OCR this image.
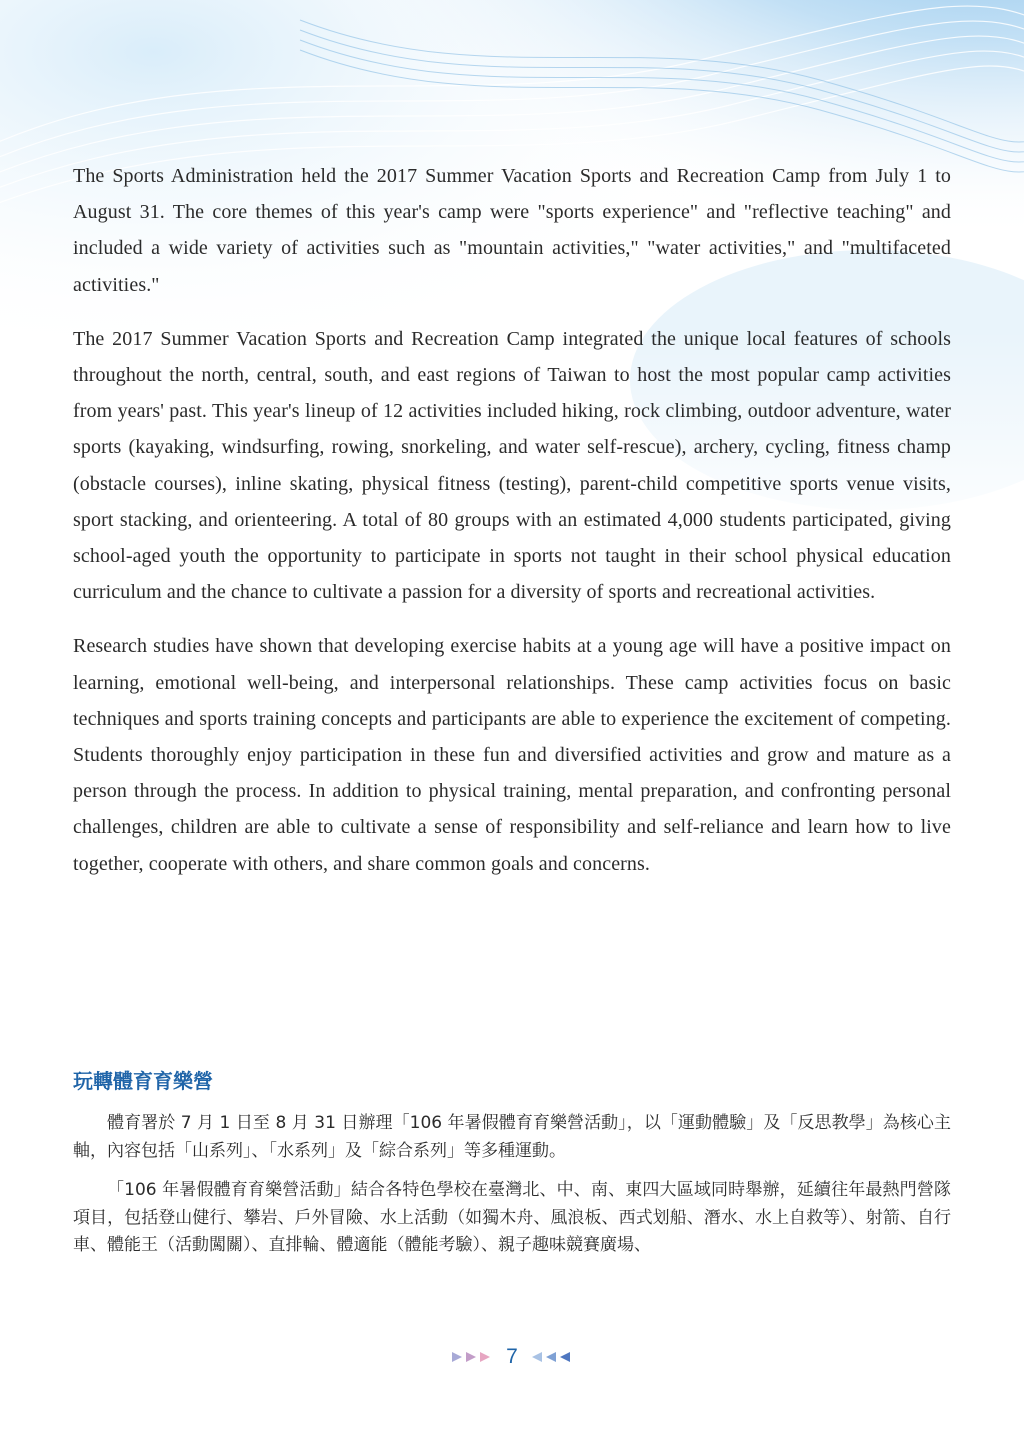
The Sports Administration held the 2017 Summer Vacation Sports and Recreation Camp from July 1 to August 31. The core themes of this year's camp were "sports experience" and "reflective teaching" and included a wide variety of activities such as "mountain activities," "water activities," and "multifaceted activities."

The 2017 Summer Vacation Sports and Recreation Camp integrated the unique local features of schools throughout the north, central, south, and east regions of Taiwan to host the most popular camp activities from years' past. This year's lineup of 12 activities included hiking, rock climbing, outdoor adventure, water sports (kayaking, windsurfing, rowing, snorkeling, and water self-rescue), archery, cycling, fitness champ (obstacle courses), inline skating, physical fitness (testing), parent-child competitive sports venue visits, sport stacking, and orienteering. A total of 80 groups with an estimated 4,000 students participated, giving school-aged youth the opportunity to participate in sports not taught in their school physical education curriculum and the chance to cultivate a passion for a diversity of sports and recreational activities.

Research studies have shown that developing exercise habits at a young age will have a positive impact on learning, emotional well-being, and interpersonal relationships. These camp activities focus on basic techniques and sports training concepts and participants are able to experience the excitement of competing. Students thoroughly enjoy participation in these fun and diversified activities and grow and mature as a person through the process. In addition to physical training, mental preparation, and confronting personal challenges, children are able to cultivate a sense of responsibility and self-reliance and learn how to live together, cooperate with others, and share common goals and concerns.

玩轉體育育樂營

體育署於 7 月 1 日至 8 月 31 日辦理「106 年暑假體育育樂營活動」，以「運動體驗」及「反思教學」為核心主軸，內容包括「山系列」、「水系列」及「綜合系列」等多種運動。

「106 年暑假體育育樂營活動」結合各特色學校在臺灣北、中、南、東四大區域同時舉辦，延續往年最熱門營隊項目，包括登山健行、攀岩、戶外冒險、水上活動（如獨木舟、風浪板、西式划船、潛水、水上自救等）、射箭、自行車、體能王（活動闖關）、直排輪、體適能（體能考驗）、親子趣味競賽廣場、

7
